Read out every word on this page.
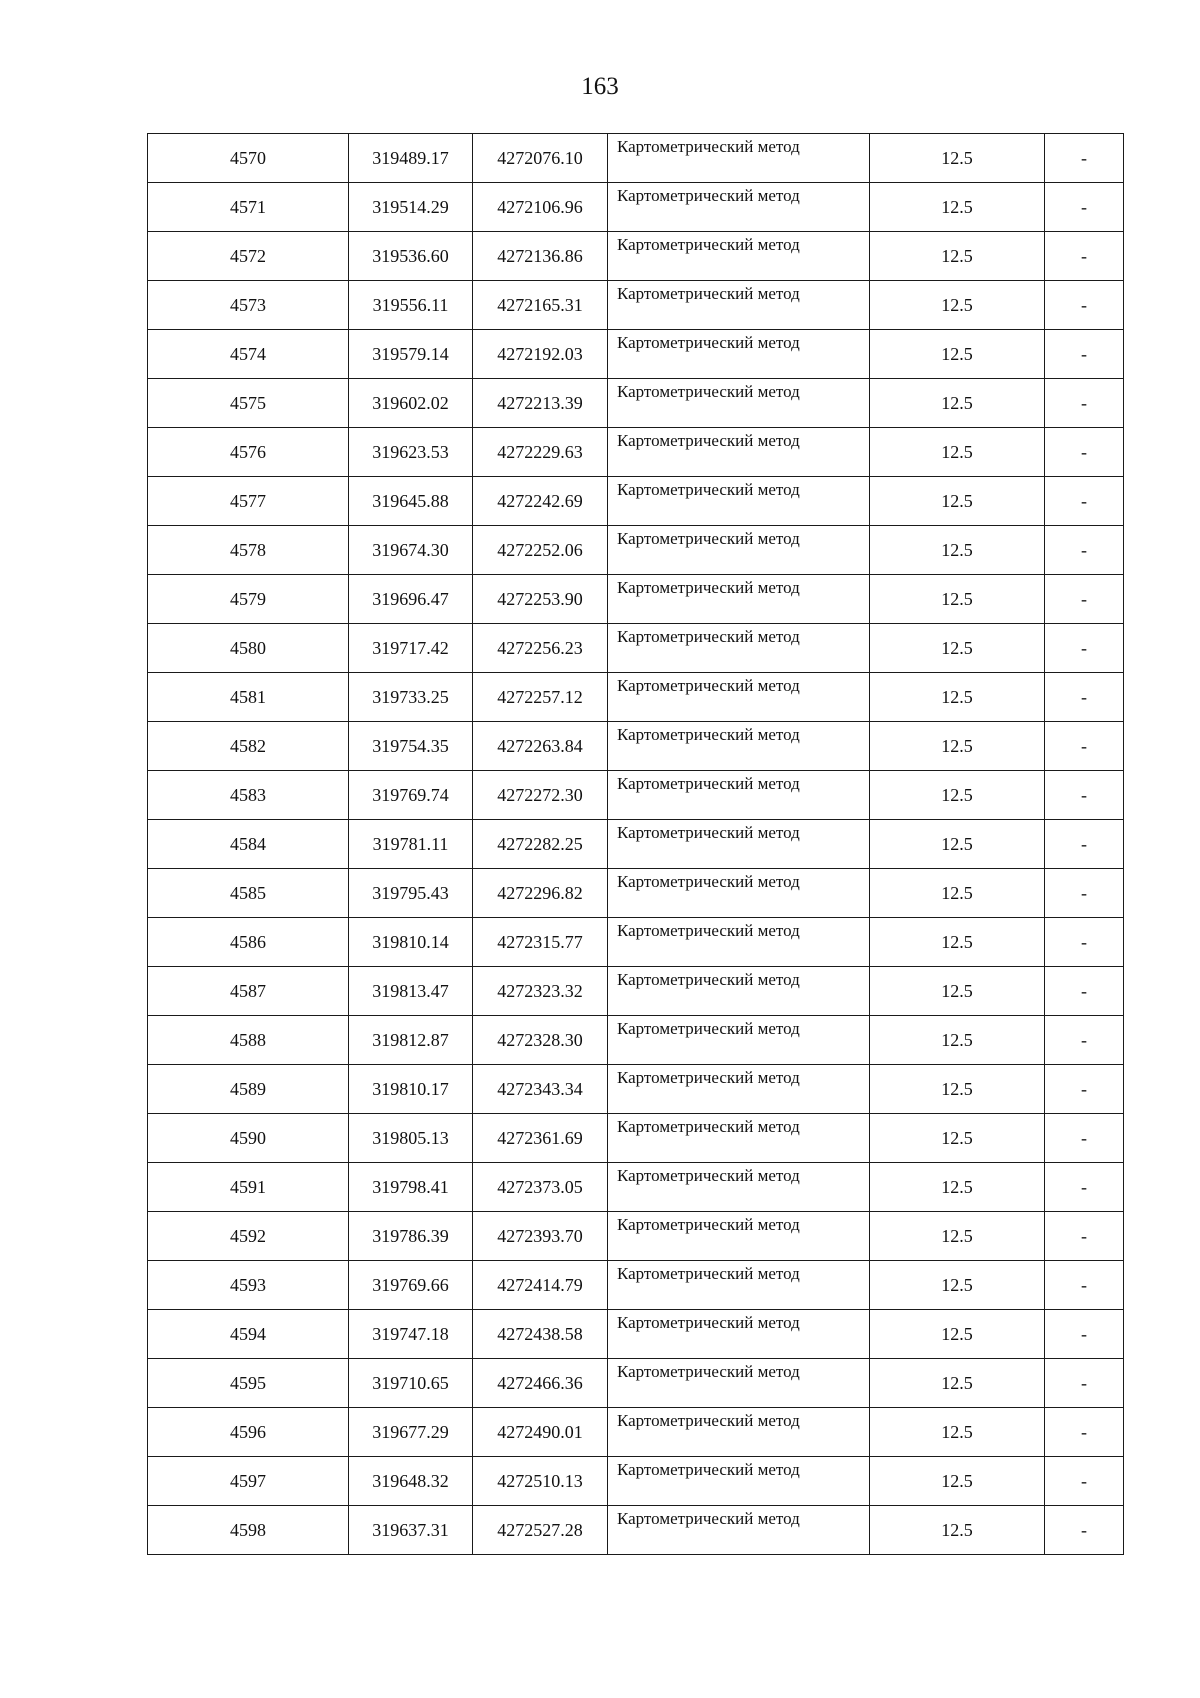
163
4570	319489.17	4272076.10	Картометрический метод	12.5	-
4571	319514.29	4272106.96	Картометрический метод	12.5	-
4572	319536.60	4272136.86	Картометрический метод	12.5	-
4573	319556.11	4272165.31	Картометрический метод	12.5	-
4574	319579.14	4272192.03	Картометрический метод	12.5	-
4575	319602.02	4272213.39	Картометрический метод	12.5	-
4576	319623.53	4272229.63	Картометрический метод	12.5	-
4577	319645.88	4272242.69	Картометрический метод	12.5	-
4578	319674.30	4272252.06	Картометрический метод	12.5	-
4579	319696.47	4272253.90	Картометрический метод	12.5	-
4580	319717.42	4272256.23	Картометрический метод	12.5	-
4581	319733.25	4272257.12	Картометрический метод	12.5	-
4582	319754.35	4272263.84	Картометрический метод	12.5	-
4583	319769.74	4272272.30	Картометрический метод	12.5	-
4584	319781.11	4272282.25	Картометрический метод	12.5	-
4585	319795.43	4272296.82	Картометрический метод	12.5	-
4586	319810.14	4272315.77	Картометрический метод	12.5	-
4587	319813.47	4272323.32	Картометрический метод	12.5	-
4588	319812.87	4272328.30	Картометрический метод	12.5	-
4589	319810.17	4272343.34	Картометрический метод	12.5	-
4590	319805.13	4272361.69	Картометрический метод	12.5	-
4591	319798.41	4272373.05	Картометрический метод	12.5	-
4592	319786.39	4272393.70	Картометрический метод	12.5	-
4593	319769.66	4272414.79	Картометрический метод	12.5	-
4594	319747.18	4272438.58	Картометрический метод	12.5	-
4595	319710.65	4272466.36	Картометрический метод	12.5	-
4596	319677.29	4272490.01	Картометрический метод	12.5	-
4597	319648.32	4272510.13	Картометрический метод	12.5	-
4598	319637.31	4272527.28	Картометрический метод	12.5	-
